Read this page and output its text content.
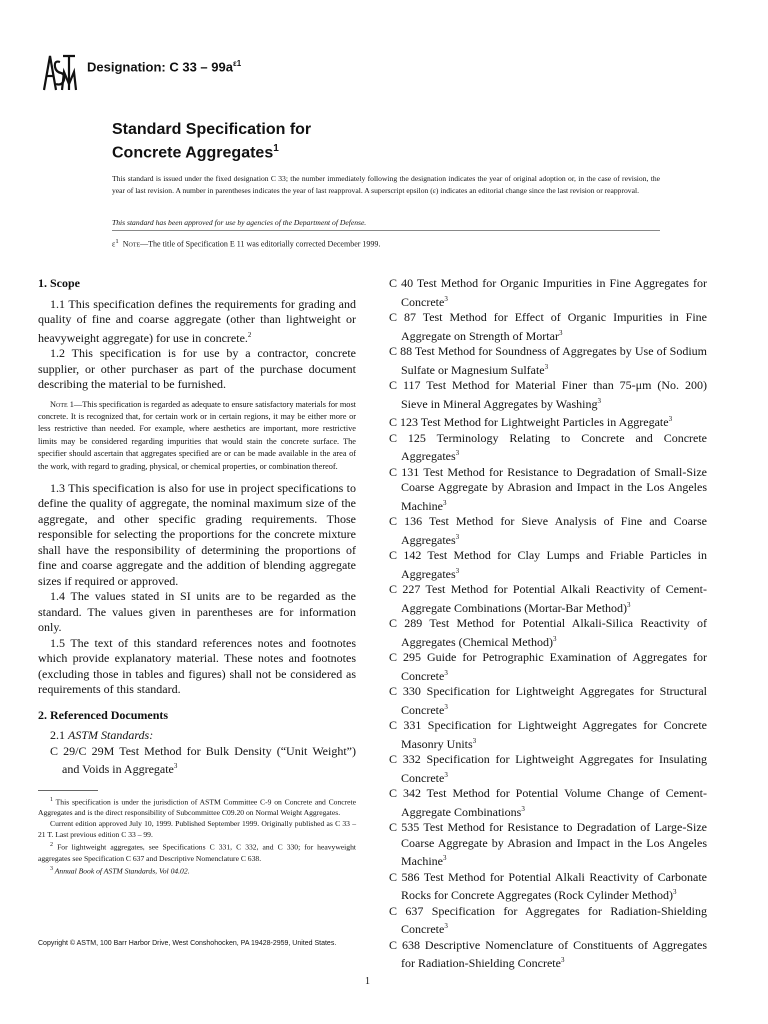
Designation: C $33 - 99a^{\varepsilon 1}$
Standard Specification for
Concrete Aggregates$^1$
This standard is issued under the fixed designation C 33; the number immediately following the designation indicates the year of original adoption or, in the case of revision, the year of last revision. A number in parentheses indicates the year of last reapproval. A superscript epsilon (ε) indicates an editorial change since the last revision or reapproval.
This standard has been approved for use by agencies of the Department of Defense.
$\varepsilon^1$ Note—The title of Specification E 11 was editorially corrected December 1999.
1. Scope

1.1 This specification defines the requirements for grading and quality of fine and coarse aggregate (other than lightweight or heavyweight aggregate) for use in concrete.$^2$

1.2 This specification is for use by a contractor, concrete supplier, or other purchaser as part of the purchase document describing the material to be furnished.

Note 1—This specification is regarded as adequate to ensure satisfactory materials for most concrete. It is recognized that, for certain work or in certain regions, it may be either more or less restrictive than needed. For example, where aesthetics are important, more restrictive limits may be considered regarding impurities that would stain the concrete surface. The specifier should ascertain that aggregates specified are or can be made available in the area of the work, with regard to grading, physical, or chemical properties, or combination thereof.

1.3 This specification is also for use in project specifications to define the quality of aggregate, the nominal maximum size of the aggregate, and other specific grading requirements. Those responsible for selecting the proportions for the concrete mixture shall have the responsibility of determining the proportions of fine and coarse aggregate and the addition of blending aggregate sizes if required or approved.

1.4 The values stated in SI units are to be regarded as the standard. The values given in parentheses are for information only.

1.5 The text of this standard references notes and footnotes which provide explanatory material. These notes and footnotes (excluding those in tables and figures) shall not be considered as requirements of this standard.

2. Referenced Documents

2.1 ASTM Standards:

C 29/C 29M Test Method for Bulk Density (“Unit Weight”) and Voids in Aggregate$^3$

$^1$ This specification is under the jurisdiction of ASTM Committee C-9 on Concrete and Concrete Aggregates and is the direct responsibility of Subcommittee C09.20 on Normal Weight Aggregates.

Current edition approved July 10, 1999. Published September 1999. Originally published as C 33 – 21 T. Last previous edition C 33 – 99.

$^2$ For lightweight aggregates, see Specifications C 331, C 332, and C 330; for heavyweight aggregates see Specification C 637 and Descriptive Nomenclature C 638.

$^3$ Annual Book of ASTM Standards, Vol 04.02.

C 40 Test Method for Organic Impurities in Fine Aggregates for Concrete$^3$

C 87 Test Method for Effect of Organic Impurities in Fine Aggregate on Strength of Mortar$^3$

C 88 Test Method for Soundness of Aggregates by Use of Sodium Sulfate or Magnesium Sulfate$^3$

C 117 Test Method for Material Finer than 75-μm (No. 200) Sieve in Mineral Aggregates by Washing$^3$

C 123 Test Method for Lightweight Particles in Aggregate$^3$

C 125 Terminology Relating to Concrete and Concrete Aggregates$^3$

C 131 Test Method for Resistance to Degradation of Small-Size Coarse Aggregate by Abrasion and Impact in the Los Angeles Machine$^3$

C 136 Test Method for Sieve Analysis of Fine and Coarse Aggregates$^3$

C 142 Test Method for Clay Lumps and Friable Particles in Aggregates$^3$

C 227 Test Method for Potential Alkali Reactivity of Cement-Aggregate Combinations (Mortar-Bar Method)$^3$

C 289 Test Method for Potential Alkali-Silica Reactivity of Aggregates (Chemical Method)$^3$

C 295 Guide for Petrographic Examination of Aggregates for Concrete$^3$

C 330 Specification for Lightweight Aggregates for Structural Concrete$^3$

C 331 Specification for Lightweight Aggregates for Concrete Masonry Units$^3$

C 332 Specification for Lightweight Aggregates for Insulating Concrete$^3$

C 342 Test Method for Potential Volume Change of Cement-Aggregate Combinations$^3$

C 535 Test Method for Resistance to Degradation of Large-Size Coarse Aggregate by Abrasion and Impact in the Los Angeles Machine$^3$

C 586 Test Method for Potential Alkali Reactivity of Carbonate Rocks for Concrete Aggregates (Rock Cylinder Method)$^3$

C 637 Specification for Aggregates for Radiation-Shielding Concrete$^3$

C 638 Descriptive Nomenclature of Constituents of Aggregates for Radiation-Shielding Concrete$^3$

Copyright © ASTM, 100 Barr Harbor Drive, West Conshohocken, PA 19428-2959, United States.
1
